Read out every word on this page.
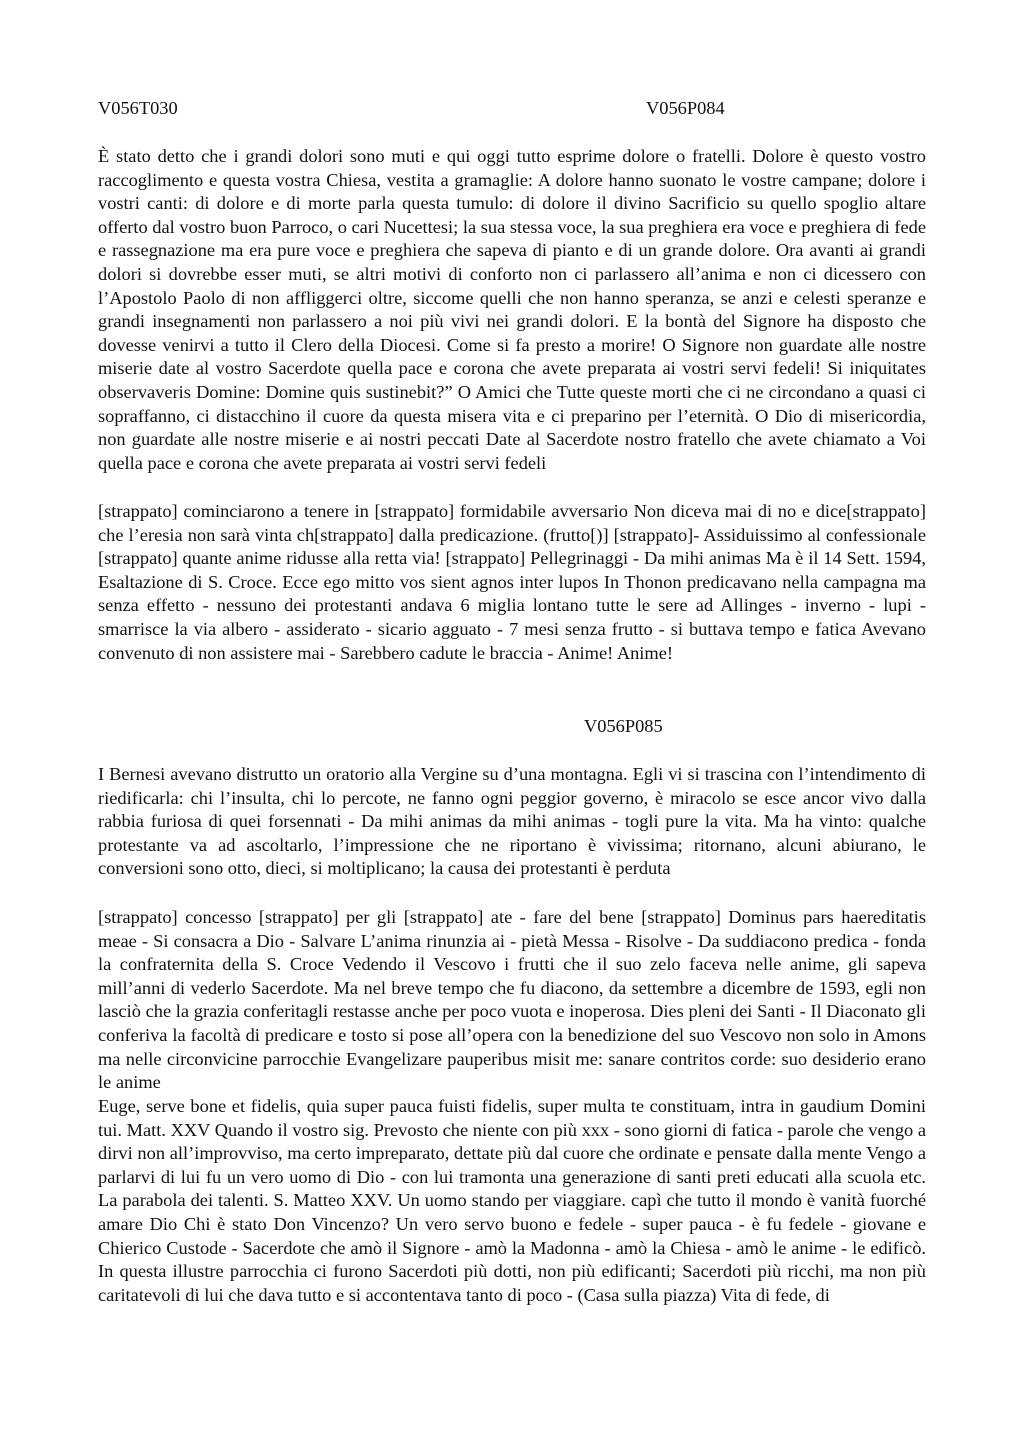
V056T030	V056P084

È stato detto che i grandi dolori sono muti e qui oggi tutto esprime dolore o fratelli. Dolore è questo vostro raccoglimento e questa vostra Chiesa, vestita a gramaglie: A dolore hanno suonato le vostre campane; dolore i vostri canti: di dolore e di morte parla questa tumulo: di dolore il divino Sacrificio su quello spoglio altare offerto dal vostro buon Parroco, o cari Nucettesi; la sua stessa voce, la sua preghiera era voce e preghiera di fede e rassegnazione ma era pure voce e preghiera che sapeva di pianto e di un grande dolore. Ora avanti ai grandi dolori si dovrebbe esser muti, se altri motivi di conforto non ci parlassero all’anima e non ci dicessero con l’Apostolo Paolo di non affliggerci oltre, siccome quelli che non hanno speranza, se anzi e celesti speranze e grandi insegnamenti non parlassero a noi più vivi nei grandi dolori. E la bontà del Signore ha disposto che dovesse venirvi a tutto il Clero della Diocesi. Come si fa presto a morire! O Signore non guardate alle nostre miserie date al vostro Sacerdote quella pace e corona che avete preparata ai vostri servi fedeli! Si iniquitates observaveris Domine: Domine quis sustinebit?” O Amici che Tutte queste morti che ci ne circondano a quasi ci sopraffanno, ci distacchino il cuore da questa misera vita e ci preparino per l’eternità. O Dio di misericordia, non guardate alle nostre miserie e ai nostri peccati Date al Sacerdote nostro fratello che avete chiamato a Voi quella pace e corona che avete preparata ai vostri servi fedeli

[strappato] cominciarono a tenere in [strappato] formidabile avversario Non diceva mai di no e dice[strappato] che l’eresia non sarà vinta ch[strappato] dalla predicazione. (frutto[)] [strappato]- Assiduissimo al confessionale [strappato] quante anime ridusse alla retta via! [strappato] Pellegrinaggi - Da mihi animas Ma è il 14 Sett. 1594, Esaltazione di S. Croce. Ecce ego mitto vos sient agnos inter lupos In Thonon predicavano nella campagna ma senza effetto - nessuno dei protestanti andava 6 miglia lontano tutte le sere ad Allinges - inverno - lupi - smarrisce la via albero - assiderato - sicario agguato - 7 mesi senza frutto - si buttava tempo e fatica Avevano convenuto di non assistere mai - Sarebbero cadute le braccia - Anime! Anime!

V056P085

I Bernesi avevano distrutto un oratorio alla Vergine su d’una montagna. Egli vi si trascina con l’intendimento di riedificarla: chi l’insulta, chi lo percote, ne fanno ogni peggior governo, è miracolo se esce ancor vivo dalla rabbia furiosa di quei forsennati - Da mihi animas da mihi animas - togli pure la vita. Ma ha vinto: qualche protestante va ad ascoltarlo, l’impressione che ne riportano è vivissima; ritornano, alcuni abiurano, le conversioni sono otto, dieci, si moltiplicano; la causa dei protestanti è perduta

[strappato] concesso [strappato] per gli [strappato] ate - fare del bene [strappato] Dominus pars haereditatis meae - Si consacra a Dio - Salvare L’anima rinunzia ai - pietà Messa - Risolve - Da suddiacono predica - fonda la confraternita della S. Croce Vedendo il Vescovo i frutti che il suo zelo faceva nelle anime, gli sapeva mill’anni di vederlo Sacerdote. Ma nel breve tempo che fu diacono, da settembre a dicembre de 1593, egli non lasciò che la grazia conferitagli restasse anche per poco vuota e inoperosa. Dies pleni dei Santi - Il Diaconato gli conferiva la facoltà di predicare e tosto si pose all’opera con la benedizione del suo Vescovo non solo in Amons ma nelle circonvicine parrocchie Evangelizare pauperibus misit me: sanare contritos corde: suo desiderio erano le anime

Euge, serve bone et fidelis, quia super pauca fuisti fidelis, super multa te constituam, intra in gaudium Domini tui. Matt. XXV Quando il vostro sig. Prevosto che niente con più xxx - sono giorni di fatica - parole che vengo a dirvi non all’improvviso, ma certo impreparato, dettate più dal cuore che ordinate e pensate dalla mente Vengo a parlarvi di lui fu un vero uomo di Dio - con lui tramonta una generazione di santi preti educati alla scuola etc. La parabola dei talenti. S. Matteo XXV. Un uomo stando per viaggiare. capì che tutto il mondo è vanità fuorché amare Dio Chi è stato Don Vincenzo? Un vero servo buono e fedele - super pauca - è fu fedele - giovane e Chierico Custode - Sacerdote che amò il Signore - amò la Madonna - amò la Chiesa - amò le anime - le edificò. In questa illustre parrocchia ci furono Sacerdoti più dotti, non più edificanti; Sacerdoti più ricchi, ma non più caritatevoli di lui che dava tutto e si accontentava tanto di poco - (Casa sulla piazza) Vita di fede, di
